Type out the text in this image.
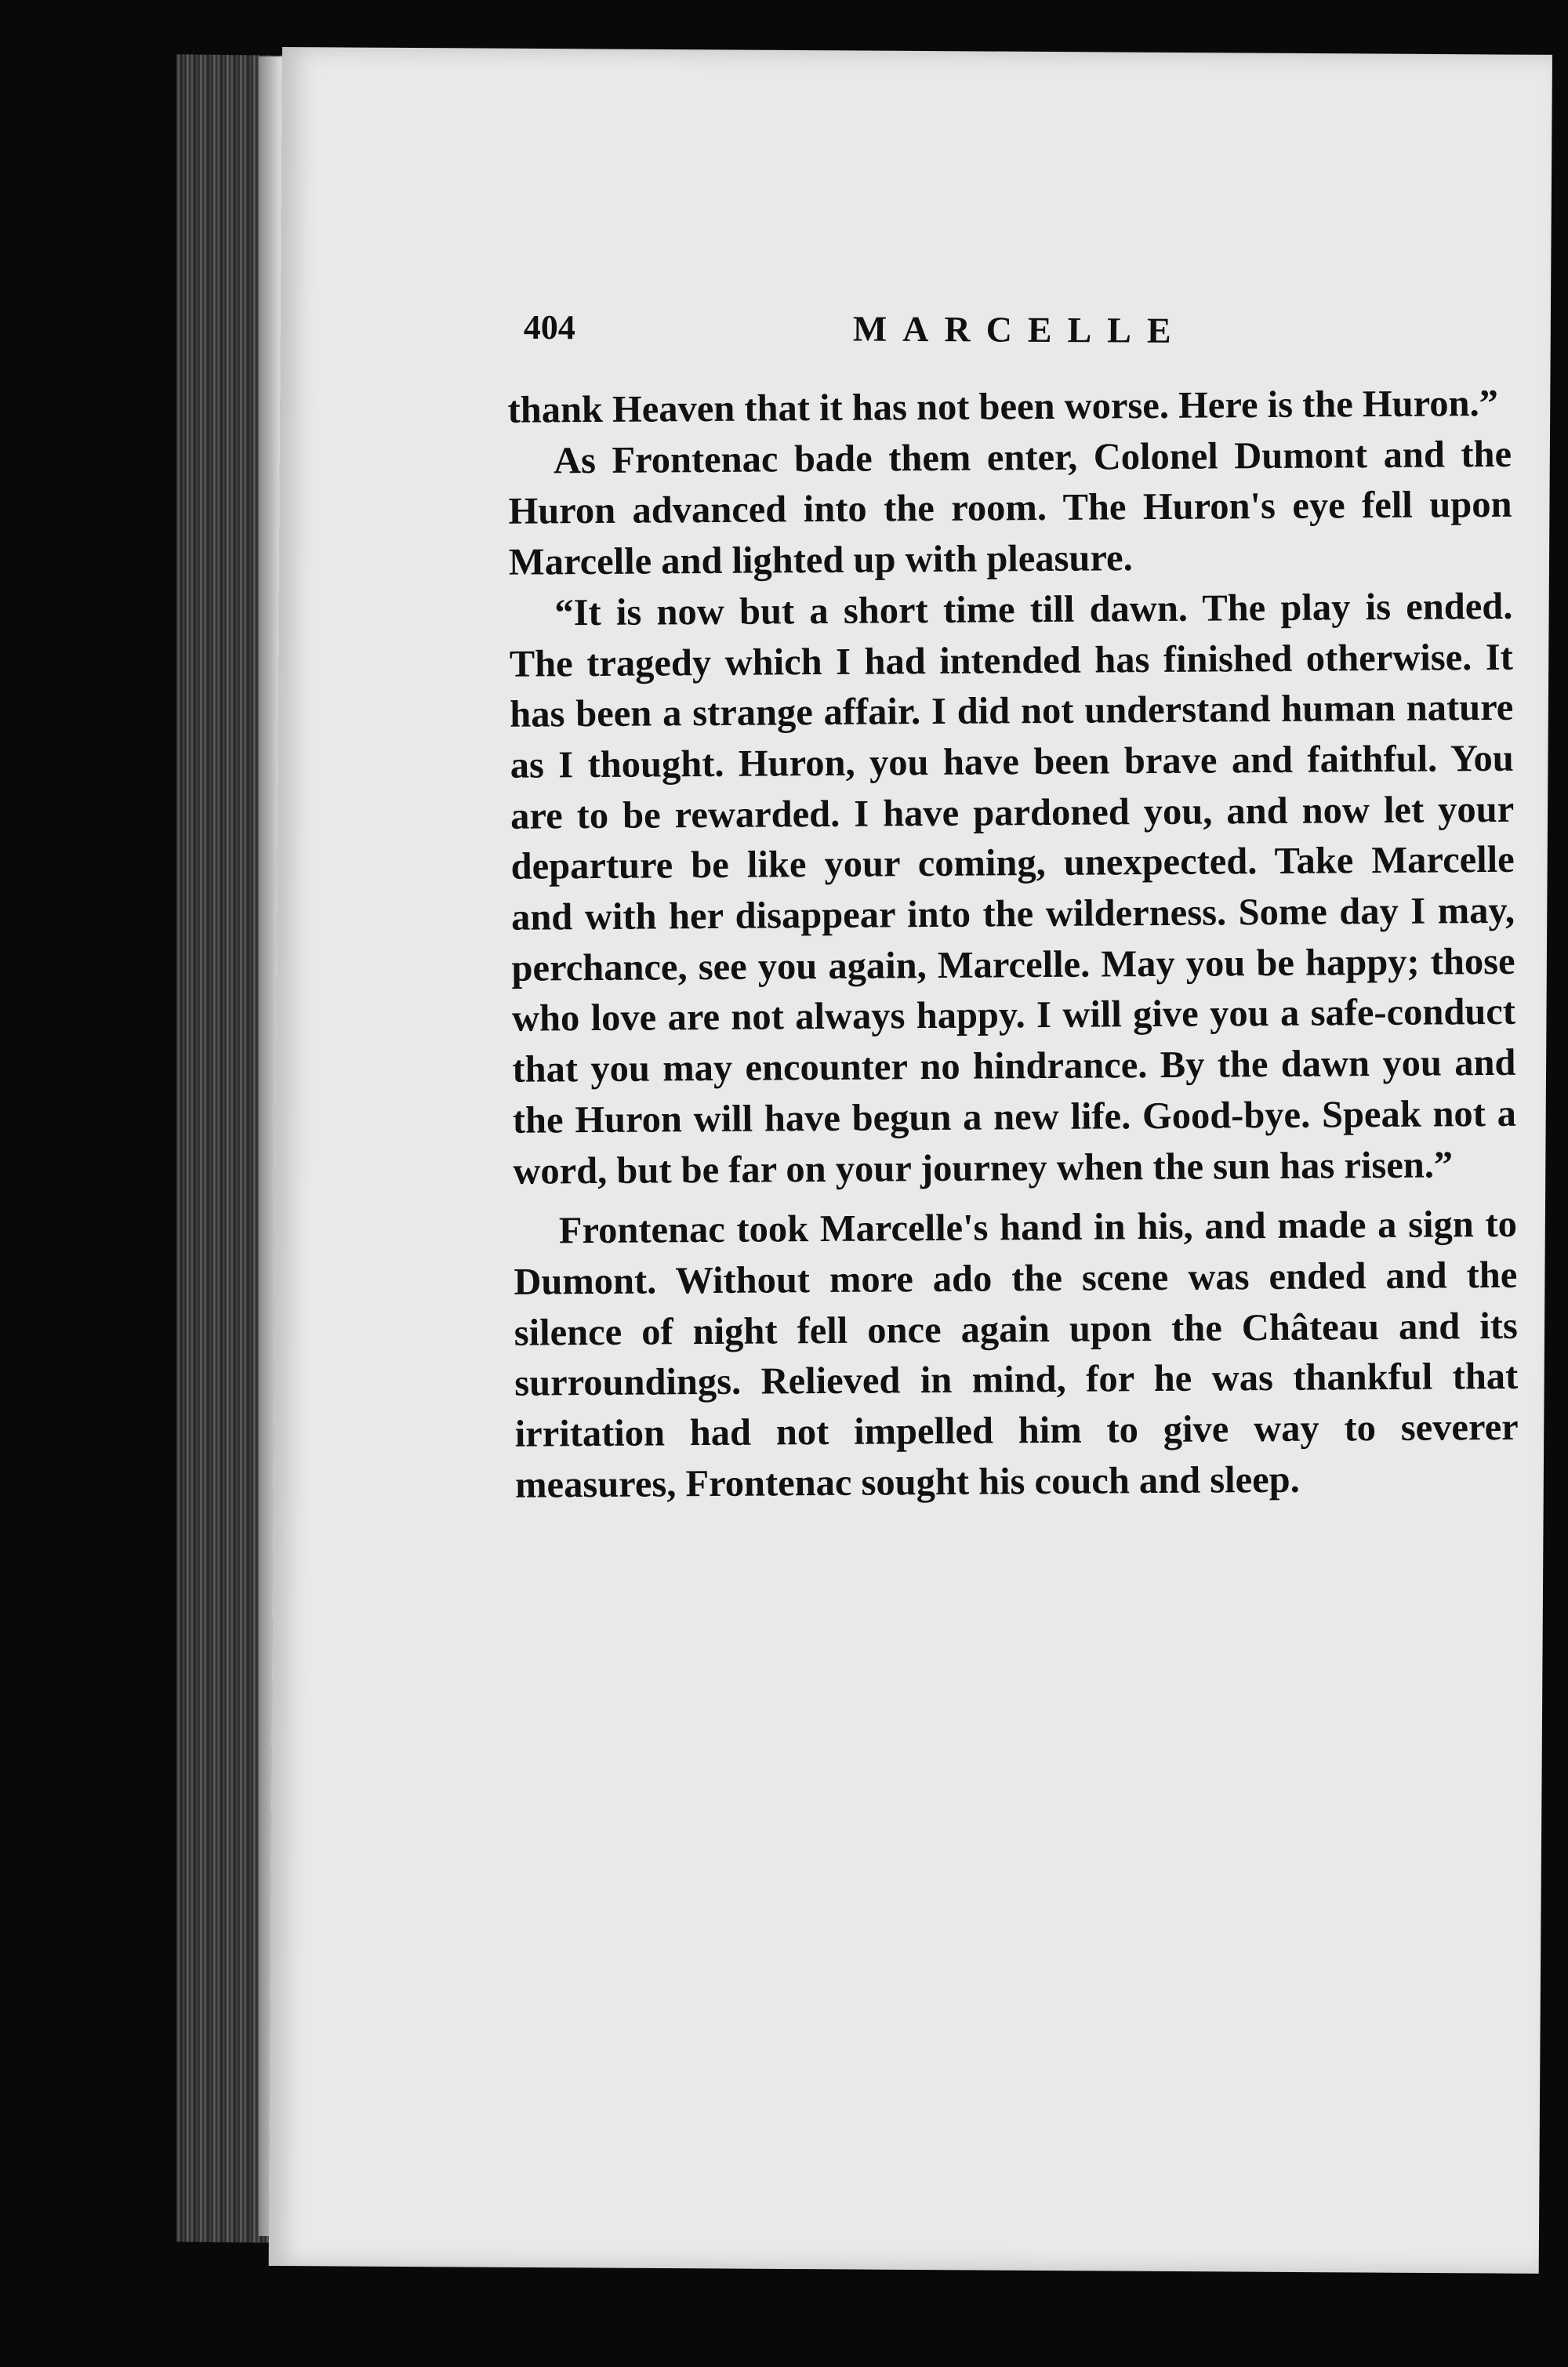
404	MARCELLE

thank Heaven that it has not been worse. Here is the Huron.”

As Frontenac bade them enter, Colonel Dumont and the Huron advanced into the room. The Huron's eye fell upon Marcelle and lighted up with pleasure.

“It is now but a short time till dawn. The play is ended. The tragedy which I had intended has finished otherwise. It has been a strange affair. I did not understand human nature as I thought. Huron, you have been brave and faithful. You are to be rewarded. I have pardoned you, and now let your departure be like your coming, unexpected. Take Marcelle and with her disappear into the wilderness. Some day I may, perchance, see you again, Marcelle. May you be happy; those who love are not always happy. I will give you a safe-conduct that you may encounter no hindrance. By the dawn you and the Huron will have begun a new life. Good-bye. Speak not a word, but be far on your journey when the sun has risen.”

Frontenac took Marcelle's hand in his, and made a sign to Dumont. Without more ado the scene was ended and the silence of night fell once again upon the Château and its surroundings. Relieved in mind, for he was thankful that irritation had not impelled him to give way to severer measures, Frontenac sought his couch and sleep.
